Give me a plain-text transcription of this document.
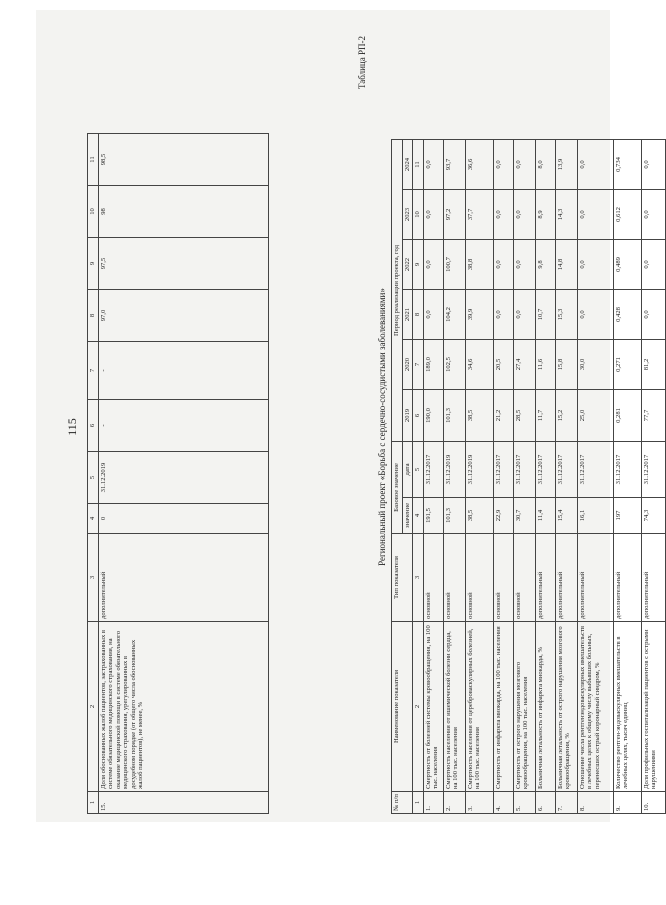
115
1	2	3	4	5	6	7	8	9	10	11
15.	Доля обоснованных жалоб пациентов, застрахованных в системе обязательного медицинского страхования, на оказание медицинской помощи в системе обязательного медицинского страхования, урегулированных в досудебном порядке (от общего числа обоснованных жалоб пациентов), не менее, %	дополнительный	0	31.12.2019	-	-	97,0	97,5	98	98,5
Таблица РП-2
Региональный проект «Борьба с сердечно-сосудистыми заболеваниями»
№ п/п	Наименование показателя	Тип показателя	Базовое значение		Период реализации проекта, год					
			значение	дата	2019	2020	2021	2022	2023	2024
1	2	3	4	5	6	7	8	9	10	11
1.	Смертность от болезней системы кровообращения, на 100 тыс. населения	основной	191,5	31.12.2017	190,0	189,0	0,0	0,0	0,0	0,0
2.	Смертность населения от ишемической болезни сердца, на 100 тыс. населения	основной	101,3	31.12.2019	101,3	102,5	104,2	100,7	97,2	93,7
3.	Смертность населения от цереброваскулярных болезней, на 100 тыс. населения	основной	38,5	31.12.2019	38,5	34,6	39,9	38,8	37,7	36,6
4.	Смертность от инфаркта миокарда, на 100 тыс. населения	основной	22,9	31.12.2017	21,2	20,5	0,0	0,0	0,0	0,0
5.	Смертность от острого нарушения мозгового кровообращения, на 100 тыс. населения	основной	30,7	31.12.2017	28,5	27,4	0,0	0,0	0,0	0,0
6.	Больничная летальность от инфаркта миокарда, %	дополнительный	11,4	31.12.2017	11,7	11,6	10,7	9,8	8,9	8,0
7.	Больничная летальность от острого нарушения мозгового кровообращения, %	дополнительный	15,4	31.12.2017	15,2	15,8	15,3	14,8	14,3	13,9
8.	Отношение числа рентгенэндоваскулярных вмешательств в лечебных целях к общему числу выбывших больных, перенесших острый коронарный синдром, %	дополнительный	16,1	31.12.2017	25,0	30,0	0,0	0,0	0,0	0,0
9.	Количество рентген-эндоваскулярных вмешательств в лечебных целях, тысяч единиц	дополнительный	197	31.12.2017	0,281	0,271	0,428	0,489	0,612	0,734
10.	Доля профильных госпитализаций пациентов с острыми нарушениями	дополнительный	74,3	31.12.2017	77,7	81,2	0,0	0,0	0,0	0,0
